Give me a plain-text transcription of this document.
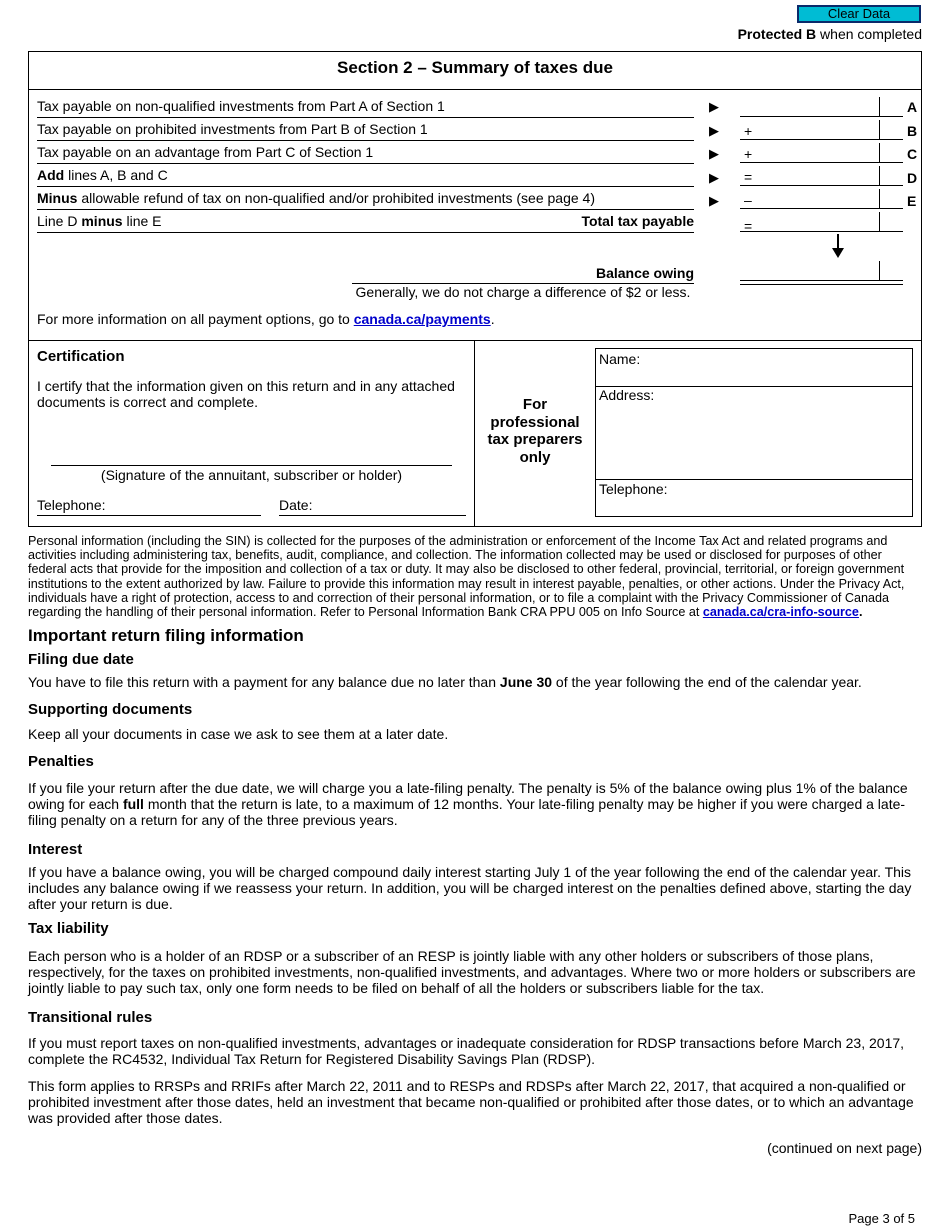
Clear Data
Protected B when completed
Section 2 – Summary of taxes due
Tax payable on non-qualified investments from Part A of Section 1	▶	A
Tax payable on prohibited investments from Part B of Section 1	▶ +	B
Tax payable on an advantage from Part C of Section 1	▶ +	C
Add lines A, B and C	▶ =	D
Minus allowable refund of tax on non-qualified and/or prohibited investments (see page 4)	▶ –	E
Line D minus line E	Total tax payable	=
Balance owing
Generally, we do not charge a difference of $2 or less.
For more information on all payment options, go to canada.ca/payments.
Certification
I certify that the information given on this return and in any attached documents is correct and complete.
(Signature of the annuitant, subscriber or holder)
Telephone:	Date:
For professional tax preparers only
Name:
Address:
Telephone:
Personal information (including the SIN) is collected for the purposes of the administration or enforcement of the Income Tax Act and related programs and activities including administering tax, benefits, audit, compliance, and collection. The information collected may be used or disclosed for purposes of other federal acts that provide for the imposition and collection of a tax or duty. It may also be disclosed to other federal, provincial, territorial, or foreign government institutions to the extent authorized by law. Failure to provide this information may result in interest payable, penalties, or other actions. Under the Privacy Act, individuals have a right of protection, access to and correction of their personal information, or to file a complaint with the Privacy Commissioner of Canada regarding the handling of their personal information. Refer to Personal Information Bank CRA PPU 005 on Info Source at canada.ca/cra-info-source.
Important return filing information
Filing due date
You have to file this return with a payment for any balance due no later than June 30 of the year following the end of the calendar year.
Supporting documents
Keep all your documents in case we ask to see them at a later date.
Penalties
If you file your return after the due date, we will charge you a late-filing penalty. The penalty is 5% of the balance owing plus 1% of the balance owing for each full month that the return is late, to a maximum of 12 months. Your late-filing penalty may be higher if you were charged a late-filing penalty on a return for any of the three previous years.
Interest
If you have a balance owing, you will be charged compound daily interest starting July 1 of the year following the end of the calendar year. This includes any balance owing if we reassess your return. In addition, you will be charged interest on the penalties defined above, starting the day after your return is due.
Tax liability
Each person who is a holder of an RDSP or a subscriber of an RESP is jointly liable with any other holders or subscribers of those plans, respectively, for the taxes on prohibited investments, non-qualified investments, and advantages. Where two or more holders or subscribers are jointly liable to pay such tax, only one form needs to be filed on behalf of all the holders or subscribers liable for the tax.
Transitional rules
If you must report taxes on non-qualified investments, advantages or inadequate consideration for RDSP transactions before March 23, 2017, complete the RC4532, Individual Tax Return for Registered Disability Savings Plan (RDSP).
This form applies to RRSPs and RRIFs after March 22, 2011 and to RESPs and RDSPs after March 22, 2017, that acquired a non-qualified or prohibited investment after those dates, held an investment that became non-qualified or prohibited after those dates, or to which an advantage was provided after those dates.
(continued on next page)
Page 3 of 5
